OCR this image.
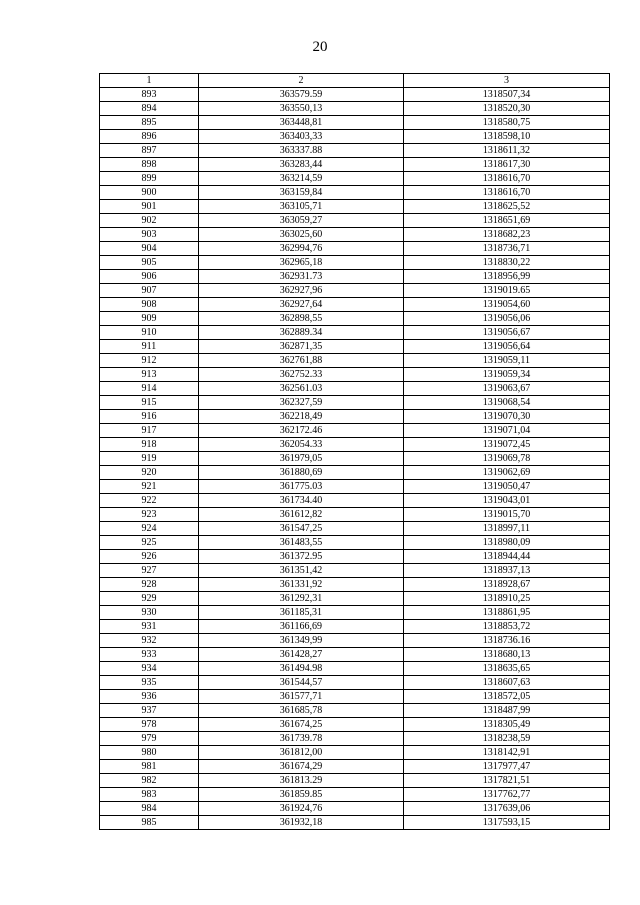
20
1	2	3
893	363579.59	1318507,34
894	363550,13	1318520,30
895	363448,81	1318580,75
896	363403,33	1318598,10
897	363337.88	1318611,32
898	363283,44	1318617,30
899	363214,59	1318616,70
900	363159,84	1318616,70
901	363105,71	1318625,52
902	363059,27	1318651,69
903	363025,60	1318682,23
904	362994,76	1318736,71
905	362965,18	1318830,22
906	362931.73	1318956,99
907	362927,96	1319019.65
908	362927,64	1319054,60
909	362898,55	1319056,06
910	362889.34	1319056,67
911	362871,35	1319056,64
912	362761,88	1319059,11
913	362752.33	1319059,34
914	362561.03	1319063,67
915	362327,59	1319068,54
916	362218,49	1319070,30
917	362172.46	1319071,04
918	362054.33	1319072,45
919	361979,05	1319069,78
920	361880,69	1319062,69
921	361775.03	1319050,47
922	361734.40	1319043,01
923	361612,82	1319015,70
924	361547,25	1318997,11
925	361483,55	1318980,09
926	361372.95	1318944,44
927	361351,42	1318937,13
928	361331,92	1318928,67
929	361292,31	1318910,25
930	361185,31	1318861,95
931	361166,69	1318853,72
932	361349,99	1318736.16
933	361428,27	1318680,13
934	361494.98	1318635,65
935	361544,57	1318607,63
936	361577,71	1318572,05
937	361685,78	1318487,99
978	361674,25	1318305,49
979	361739.78	1318238,59
980	361812,00	1318142,91
981	361674,29	1317977,47
982	361813.29	1317821,51
983	361859.85	1317762,77
984	361924,76	1317639,06
985	361932,18	1317593,15
